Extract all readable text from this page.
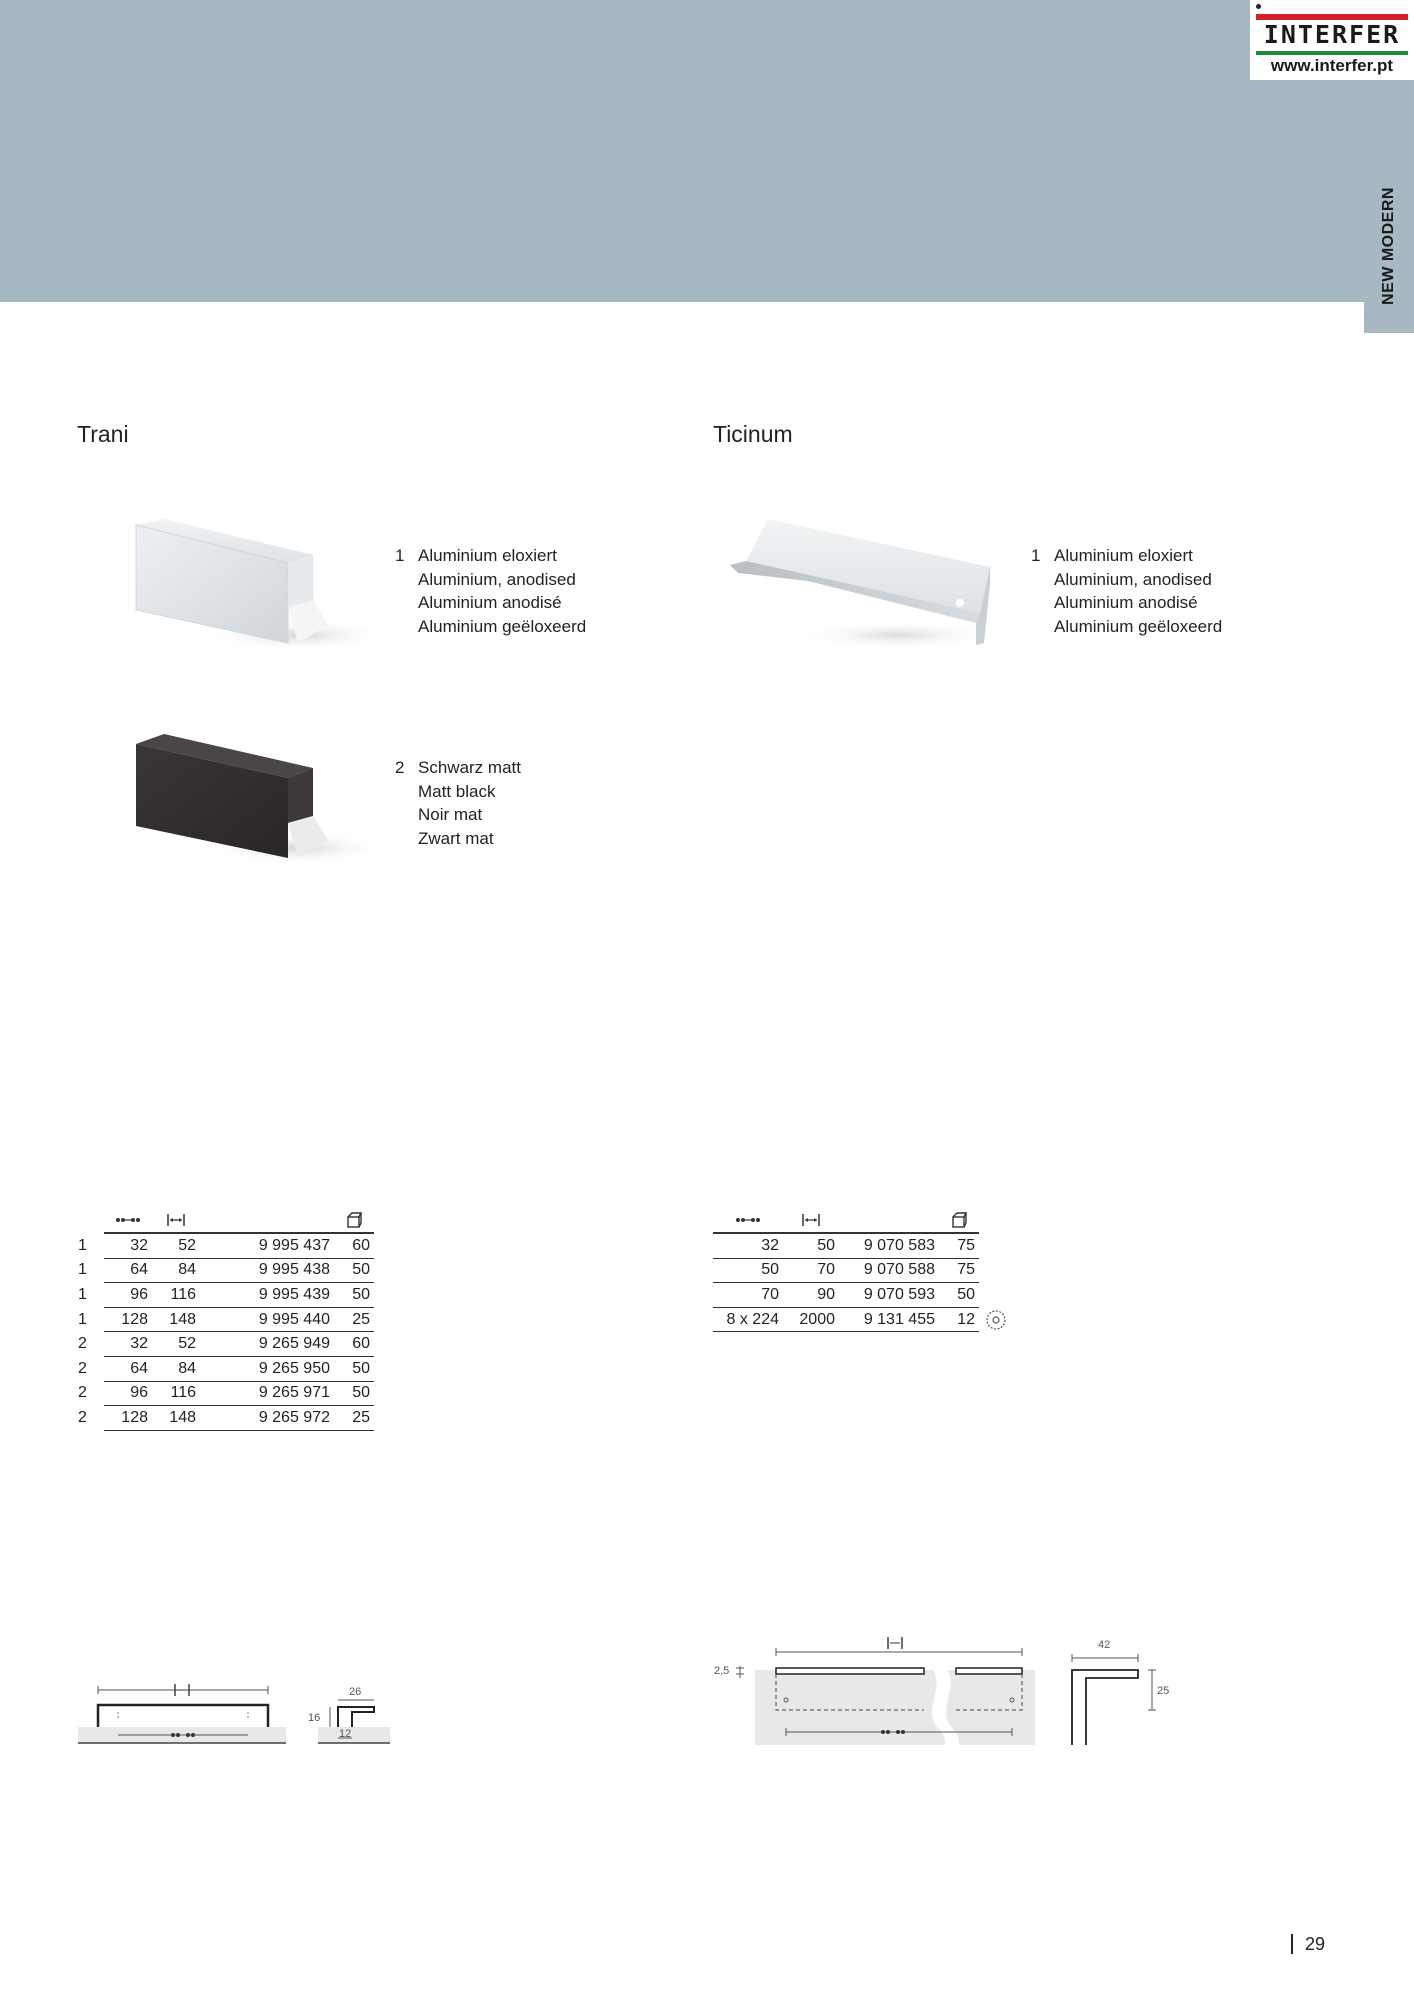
INTERFER
www.interfer.pt
NEW MODERN
Trani
1 Aluminium eloxiert
Aluminium, anodised
Aluminium anodisé
Aluminium geëloxeerd
2 Schwarz matt
Matt black
Noir mat
Zwart mat
Ticinum
1 Aluminium eloxiert
Aluminium, anodised
Aluminium anodisé
Aluminium geëloxeerd

1	32	52	9 995 437	60
1	64	84	9 995 438	50
1	96	116	9 995 439	50
1	128	148	9 995 440	25
2	32	52	9 265 949	60
2	64	84	9 265 950	50
2	96	116	9 265 971	50
2	128	148	9 265 972	25

32	50	9 070 583	75	
50	70	9 070 588	75	
70	90	9 070 593	50	
8 x 224	2000	9 131 455	12	
26
16
12
2,5
42
25
29
